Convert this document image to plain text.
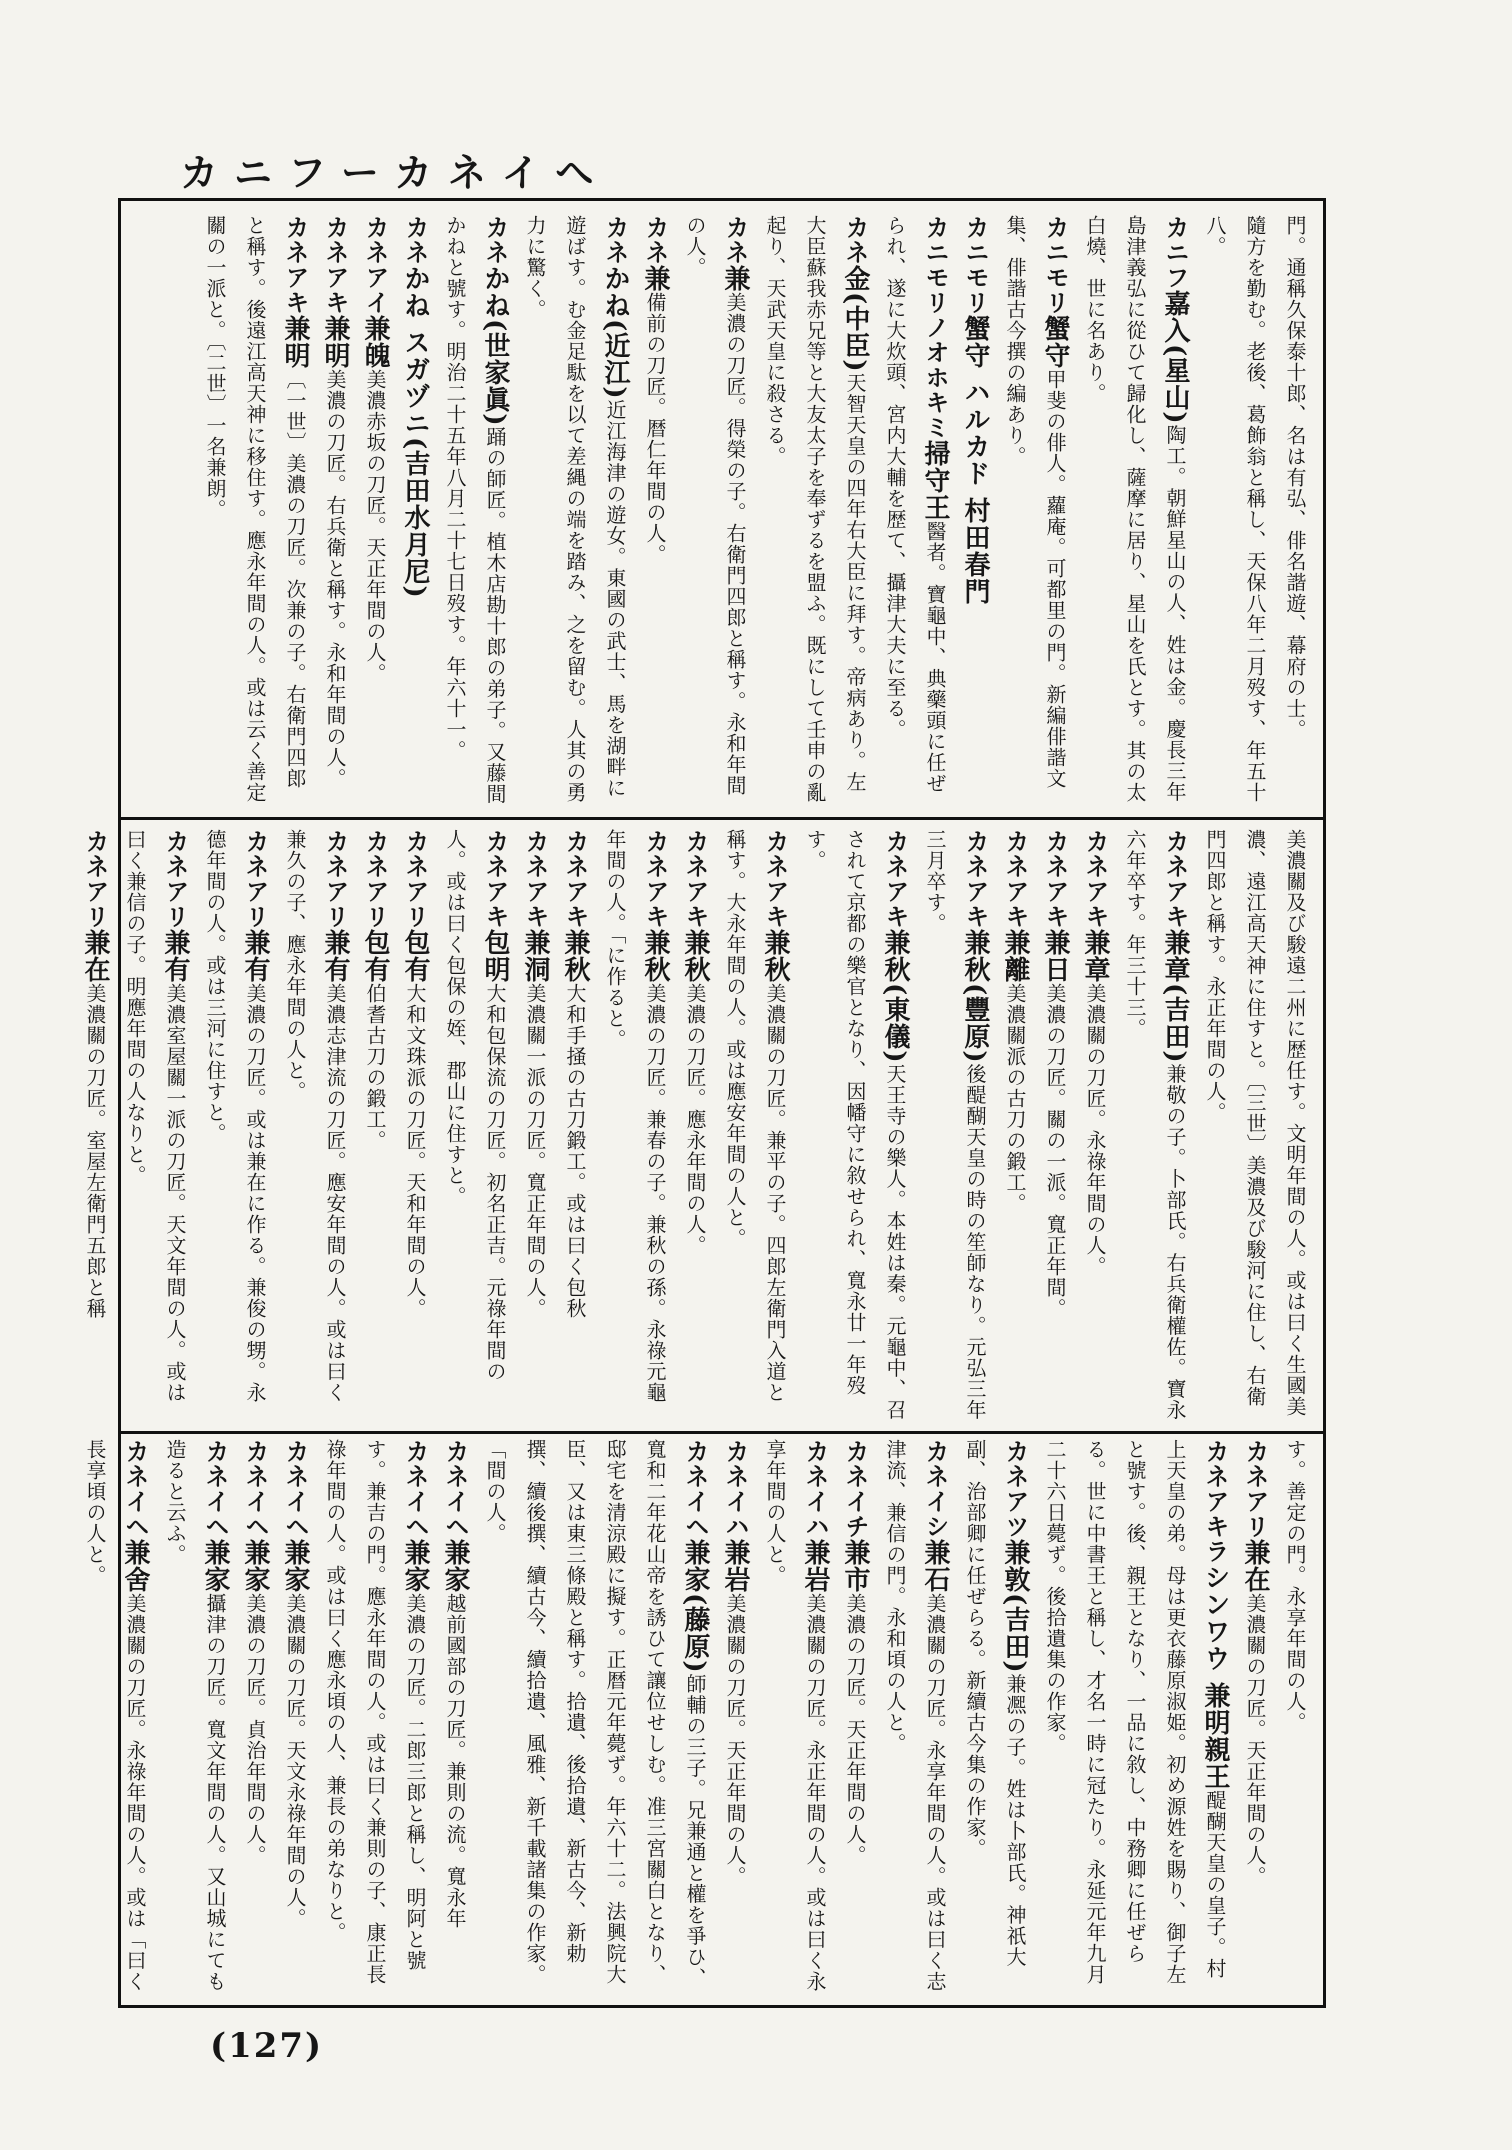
カニフーカネイへ

門。通稱久保泰十郎、名は有弘、俳名諧遊、幕府の士。

隨方を勤む。老後、葛飾翁と稱し、天保八年二月歿す、年五十八。

カニフ嘉入(星山)陶工。朝鮮星山の人、姓は金。慶長三年島津義弘に從ひて歸化し、薩摩に居り、星山を氏とす。其の太白燒、世に名あり。

カニモリ蟹守甲斐の俳人。蘿庵。可都里の門。新編俳諧文集、俳諧古今撰の編あり。

カニモリ蟹守 ハルカド 村田春門

カニモリノオホキミ掃守王醫者。寶龜中、典藥頭に任ぜられ、遂に大炊頭、宮内大輔を歴て、攝津大夫に至る。

カネ金(中臣)天智天皇の四年右大臣に拜す。帝病あり。左大臣蘇我赤兄等と大友太子を奉ずるを盟ふ。既にして壬申の亂起り、天武天皇に殺さる。

カネ兼美濃の刀匠。得榮の子。右衛門四郎と稱す。永和年間の人。

カネ兼備前の刀匠。暦仁年間の人。

カネかね(近江)近江海津の遊女。東國の武士、馬を湖畔に遊ばす。む金足駄を以て差縄の端を踏み、之を留む。人其の勇力に驚く。

カネかね(世家眞)踊の師匠。植木店勘十郎の弟子。又藤間かねと號す。明治二十五年八月二十七日歿す。年六十一。

カネかね スガヅニ(吉田水月尼)

カネアイ兼魄美濃赤坂の刀匠。天正年間の人。

カネアキ兼明美濃の刀匠。右兵衛と稱す。永和年間の人。

カネアキ兼明〔一世〕美濃の刀匠。次兼の子。右衛門四郎と稱す。後遠江高天神に移住す。應永年間の人。或は云く善定關の一派と。〔二世〕一名兼朗。

美濃關及び駿遠二州に歴任す。文明年間の人。或は曰く生國美濃、遠江高天神に住すと。〔三世〕美濃及び駿河に住し、右衛門四郎と稱す。永正年間の人。

カネアキ兼章(吉田)兼敬の子。卜部氏。右兵衛權佐。寶永六年卒す。年三十三。

カネアキ兼章美濃關の刀匠。永祿年間の人。

カネアキ兼日美濃の刀匠。關の一派。寬正年間。

カネアキ兼離美濃關派の古刀の鍛工。

カネアキ兼秋(豐原)後醍醐天皇の時の笙師なり。元弘三年三月卒す。

カネアキ兼秋(東儀)天王寺の樂人。本姓は秦。元龜中、召されて京都の樂官となり、因幡守に敘せられ、寬永廿一年歿す。

カネアキ兼秋美濃關の刀匠。兼平の子。四郎左衛門入道と稱す。大永年間の人。或は應安年間の人と。

カネアキ兼秋美濃の刀匠。應永年間の人。

カネアキ兼秋美濃の刀匠。兼春の子。兼秋の孫。永祿元龜年間の人。「に作ると。

カネアキ兼秋大和手掻の古刀鍛工。或は曰く包秋

カネアキ兼洞美濃關一派の刀匠。寬正年間の人。

カネアキ包明大和包保流の刀匠。初名正吉。元祿年間の人。或は曰く包保の姪、郡山に住すと。

カネアリ包有大和文珠派の刀匠。天和年間の人。

カネアリ包有伯耆古刀の鍛工。

カネアリ兼有美濃志津流の刀匠。應安年間の人。或は曰く兼久の子、應永年間の人と。

カネアリ兼有美濃の刀匠。或は兼在に作る。兼俊の甥。永德年間の人。或は三河に住すと。

カネアリ兼有美濃室屋關一派の刀匠。天文年間の人。或は曰く兼信の子。明應年間の人なりと。

カネアリ兼在美濃關の刀匠。室屋左衛門五郎と稱

す。善定の門。永享年間の人。

カネアリ兼在美濃關の刀匠。天正年間の人。

カネアキラシンワウ 兼明親王醍醐天皇の皇子。村上天皇の弟。母は更衣藤原淑姫。初め源姓を賜り、御子左と號す。後、親王となり、一品に敘し、中務卿に任ぜらる。世に中書王と稱し、才名一時に冠たり。永延元年九月二十六日薨ず。後拾遺集の作家。

カネアツ兼敦(吉田)兼凞の子。姓は卜部氏。神祇大副、治部卿に任ぜらる。新續古今集の作家。

カネイシ兼石美濃關の刀匠。永享年間の人。或は曰く志津流、兼信の門。永和頃の人と。

カネイチ兼市美濃の刀匠。天正年間の人。

カネイハ兼岩美濃關の刀匠。永正年間の人。或は曰く永享年間の人と。

カネイハ兼岩美濃關の刀匠。天正年間の人。

カネイヘ兼家(藤原)師輔の三子。兄兼通と權を爭ひ、寬和二年花山帝を誘ひて讓位せしむ。准三宮關白となり、邸宅を清涼殿に擬す。正暦元年薨ず。年六十二。法興院大臣、又は東三條殿と稱す。拾遺、後拾遺、新古今、新勅撰、續後撰、續古今、續拾遺、風雅、新千載諸集の作家。「間の人。

カネイヘ兼家越前國部の刀匠。兼則の流。寬永年

カネイヘ兼家美濃の刀匠。二郎三郎と稱し、明阿と號す。兼吉の門。應永年間の人。或は曰く兼則の子、康正長祿年間の人。或は曰く應永頃の人、兼長の弟なりと。

カネイヘ兼家美濃關の刀匠。天文永祿年間の人。

カネイヘ兼家美濃の刀匠。貞治年間の人。

カネイヘ兼家攝津の刀匠。寬文年間の人。又山城にても造ると云ふ。

カネイヘ兼舍美濃關の刀匠。永祿年間の人。或は「曰く長享頃の人と。

(127)
